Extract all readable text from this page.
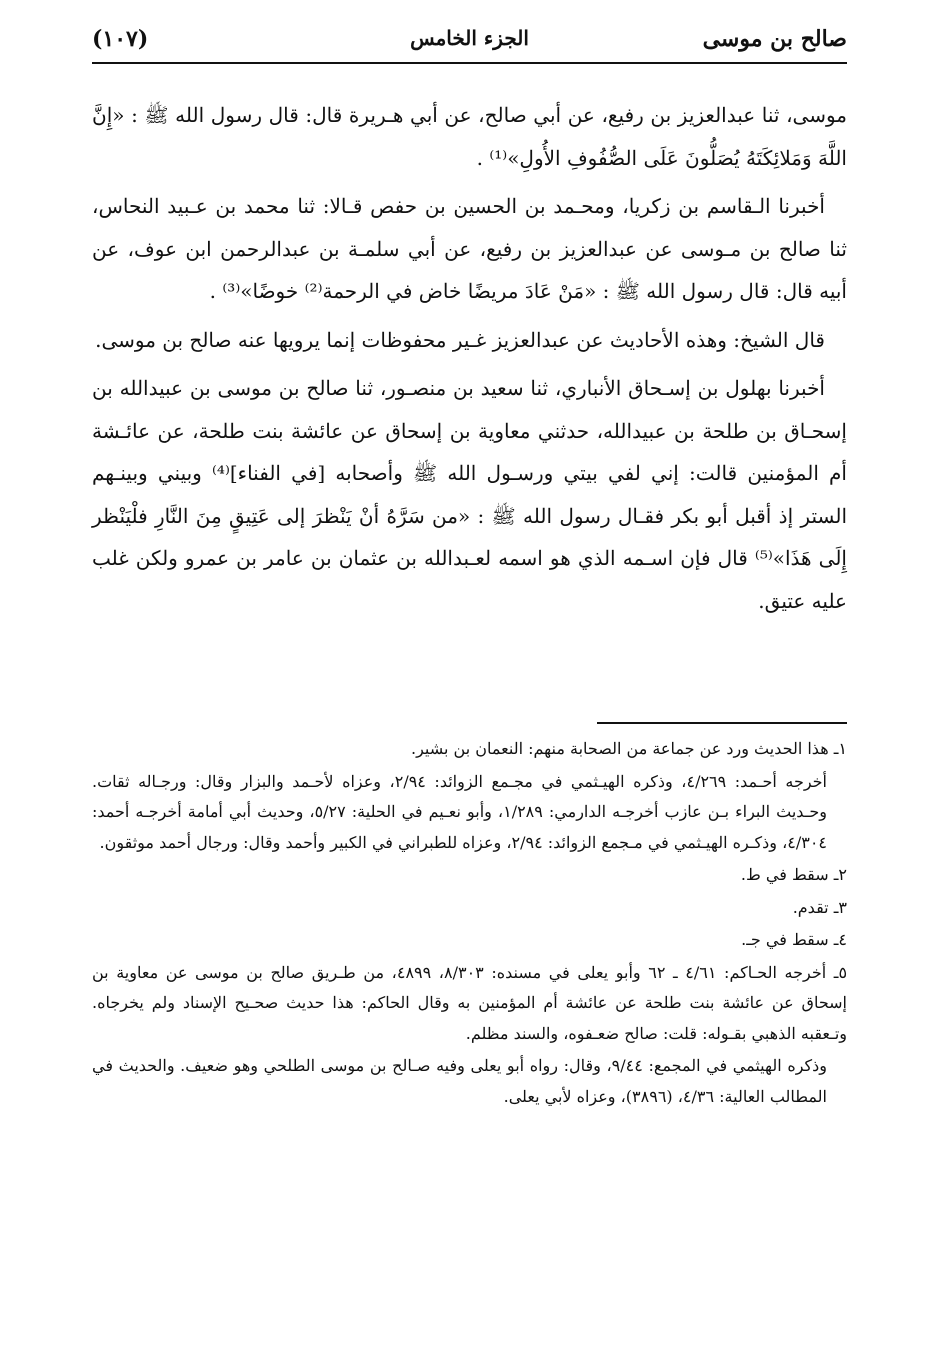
صالح بن موسى
الجزء الخامس
(١٠٧)

موسى، ثنا عبدالعزيز بن رفيع، عن أبي صالح، عن أبي هـريرة قال: قال رسول الله ﷺ : «إِنَّ اللَّهَ وَمَلائِكَتَهُ يُصَلُّونَ عَلَى الصُّفُوفِ الأُولِ»⁽¹⁾ .

أخبرنا الـقاسم بن زكريا، ومحـمد بن الحسين بن حفص قـالا: ثنا محمد بن عـبيد النحاس، ثنا صالح بن مـوسى عن عبدالعزيز بن رفيع، عن أبي سلمـة بن عبدالرحمن ابن عوف، عن أبيه قال: قال رسول الله ﷺ : «مَنْ عَادَ مريضًا خاض في الرحمة⁽²⁾ خوضًا»⁽³⁾ .

قال الشيخ: وهذه الأحاديث عن عبدالعزيز غـير محفوظات إنما يرويها عنه صالح بن موسى.

أخبرنا بهلول بن إسـحاق الأنباري، ثنا سعيد بن منصـور، ثنا صالح بن موسى بن عبيدالله بن إسحـاق بن طلحة بن عبيدالله، حدثني معاوية بن إسحاق عن عائشة بنت طلحة، عن عائـشة أم المؤمنين قالت: إني لفي بيتي ورسـول الله ﷺ وأصحابه [في الفناء]⁽⁴⁾ وبيني وبينـهم الستر إذ أقبل أبو بكر فقـال رسول الله ﷺ : «من سَرَّهُ أنْ يَنْظرَ إلى عَتِيقٍ مِنَ النَّارِ فلْيَنْظر إِلَى هَذَا»⁽⁵⁾ قال فإن اسـمه الذي هو اسمه لعـبدالله بن عثمان بن عامر بن عمرو ولكن غلب عليه عتيق.

١ـ هذا الحديث ورد عن جماعة من الصحابة منهم: النعمان بن بشير.

أخرجه أحـمد: ٤/٢٦٩، وذكره الهيـثمي في مجـمع الزوائد: ٢/٩٤، وعزاه لأحـمد والبزار وقال: ورجـاله ثقات. وحـديث البراء بـن عازب أخرجـه الدارمي: ١/٢٨٩، وأبو نعـيم في الحلية: ٥/٢٧، وحديث أبي أمامة أخرجـه أحمد: ٤/٣٠٤، وذكـره الهيـثمي في مـجمع الزوائد: ٢/٩٤، وعزاه للطبراني في الكبير وأحمد وقال: ورجال أحمد موثقون.

٢ـ سقط في ط.

٣ـ تقدم.

٤ـ سقط في جـ.

٥ـ أخرجه الحـاكم: ٤/٦١ ـ ٦٢ وأبو يعلى في مسنده: ٨/٣٠٣، ٤٨٩٩، من طـريق صالح بن موسى عن معاوية بن إسحاق عن عائشة بنت طلحة عن عائشة أم المؤمنين به وقال الحاكم: هذا حديث صحـيح الإسناد ولم يخرجاه. وتـعقبه الذهبي بقـوله: قلت: صالح ضعـفوه، والسند مظلم.

وذكره الهيثمي في المجمع: ٩/٤٤، وقال: رواه أبو يعلى وفيه صـالح بن موسى الطلحي وهو ضعيف. والحديث في المطالب العالية: ٤/٣٦، (٣٨٩٦)، وعزاه لأبي يعلى.
